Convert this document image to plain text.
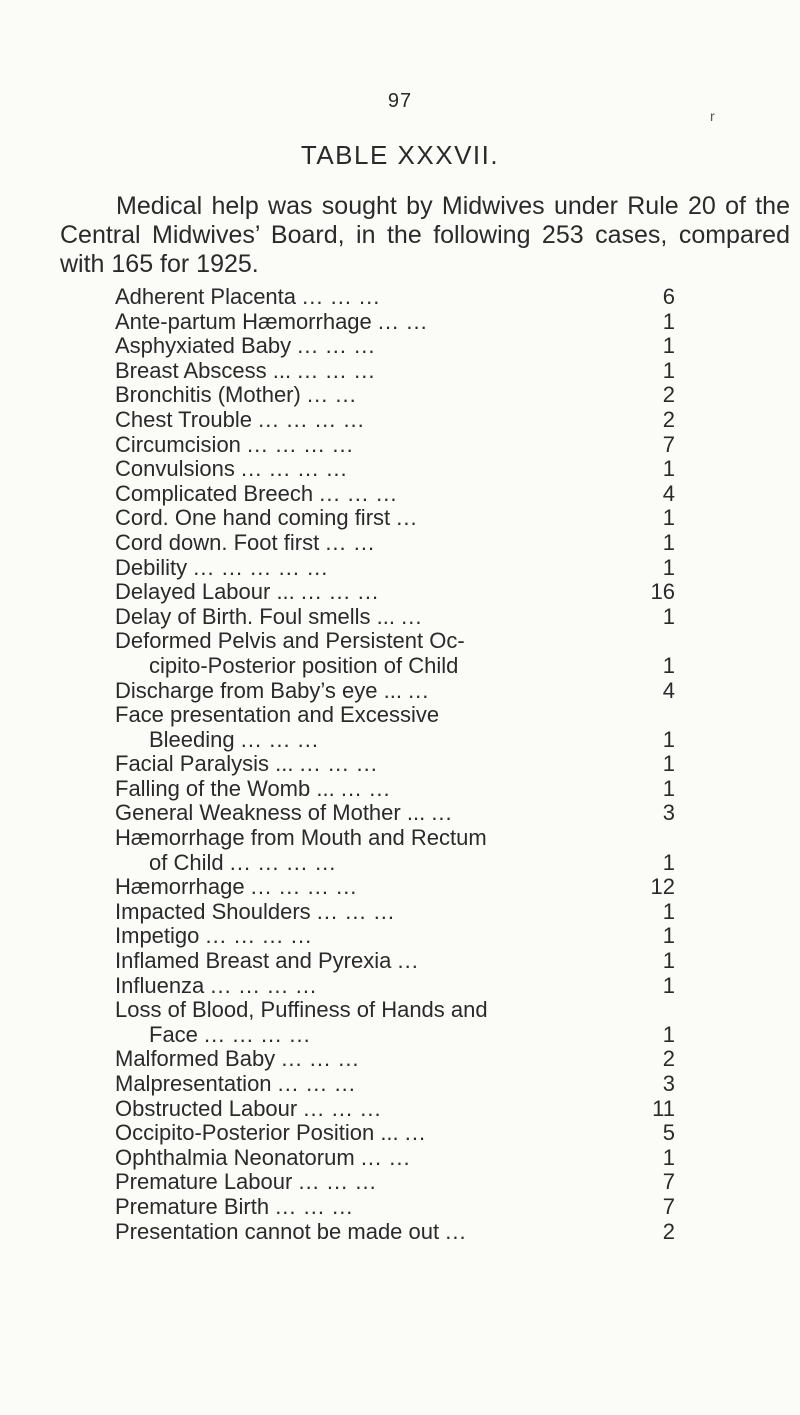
97
r
TABLE XXXVII.
Medical help was sought by Midwives under Rule 20 of the Central Midwives’ Board, in the following 253 cases, compared with 165 for 1925.
Adherent Placenta ... ... ...	6
Ante-partum Hæmorrhage ... ...	1
Asphyxiated Baby ... ... ...	1
Breast Abscess ... ... ... ...	1
Bronchitis (Mother) ... ...	2
Chest Trouble ... ... ... ...	2
Circumcision ... ... ... ...	7
Convulsions ... ... ... ...	1
Complicated Breech ... ... ...	4
Cord. One hand coming first ...	1
Cord down. Foot first ... ...	1
Debility ... ... ... ... ...	1
Delayed Labour ... ... ... ...	16
Delay of Birth. Foul smells ... ...	1
Deformed Pelvis and Persistent Oc-
cipito-Posterior position of Child	1
Discharge from Baby’s eye ... ...	4
Face presentation and Excessive
Bleeding ... ... ...	1
Facial Paralysis ... ... ... ...	1
Falling of the Womb ... ... ...	1
General Weakness of Mother ... ...	3
Hæmorrhage from Mouth and Rectum
of Child ... ... ... ...	1
Hæmorrhage ... ... ... ...	12
Impacted Shoulders ... ... ...	1
Impetigo ... ... ... ...	1
Inflamed Breast and Pyrexia ...	1
Influenza ... ... ... ...	1
Loss of Blood, Puffiness of Hands and
Face ... ... ... ...	1
Malformed Baby ... ... ...	2
Malpresentation ... ... ...	3
Obstructed Labour ... ... ...	11
Occipito-Posterior Position ... ...	5
Ophthalmia Neonatorum ... ...	1
Premature Labour ... ... ...	7
Premature Birth ... ... ...	7
Presentation cannot be made out ...	2
